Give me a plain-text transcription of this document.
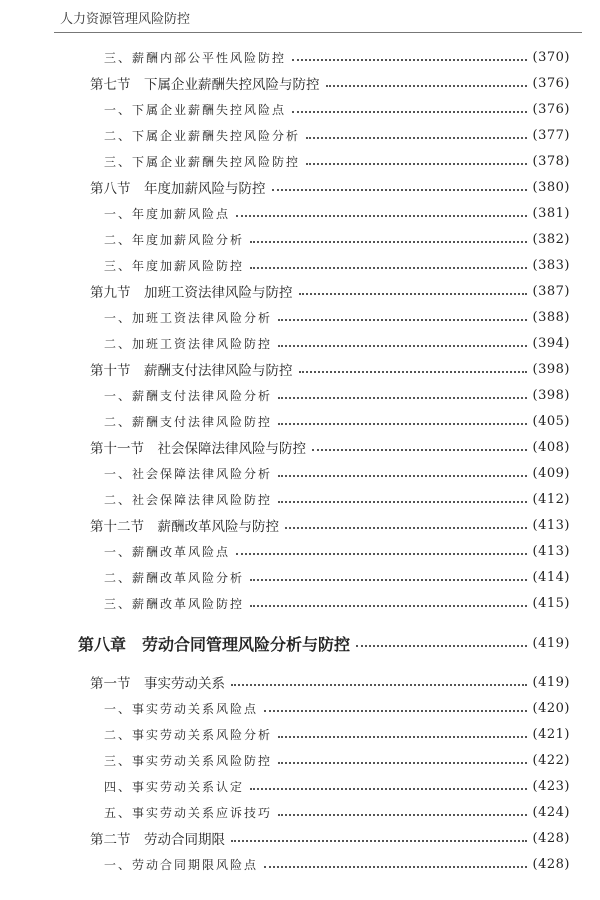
人力资源管理风险防控
三、薪酬内部公平性风险防控	(370)
第七节　下属企业薪酬失控风险与防控	(376)
一、下属企业薪酬失控风险点	(376)
二、下属企业薪酬失控风险分析	(377)
三、下属企业薪酬失控风险防控	(378)
第八节　年度加薪风险与防控	(380)
一、年度加薪风险点	(381)
二、年度加薪风险分析	(382)
三、年度加薪风险防控	(383)
第九节　加班工资法律风险与防控	(387)
一、加班工资法律风险分析	(388)
二、加班工资法律风险防控	(394)
第十节　薪酬支付法律风险与防控	(398)
一、薪酬支付法律风险分析	(398)
二、薪酬支付法律风险防控	(405)
第十一节　社会保障法律风险与防控	(408)
一、社会保障法律风险分析	(409)
二、社会保障法律风险防控	(412)
第十二节　薪酬改革风险与防控	(413)
一、薪酬改革风险点	(413)
二、薪酬改革风险分析	(414)
三、薪酬改革风险防控	(415)
第八章　劳动合同管理风险分析与防控	(419)
第一节　事实劳动关系	(419)
一、事实劳动关系风险点	(420)
二、事实劳动关系风险分析	(421)
三、事实劳动关系风险防控	(422)
四、事实劳动关系认定	(423)
五、事实劳动关系应诉技巧	(424)
第二节　劳动合同期限	(428)
一、劳动合同期限风险点	(428)
